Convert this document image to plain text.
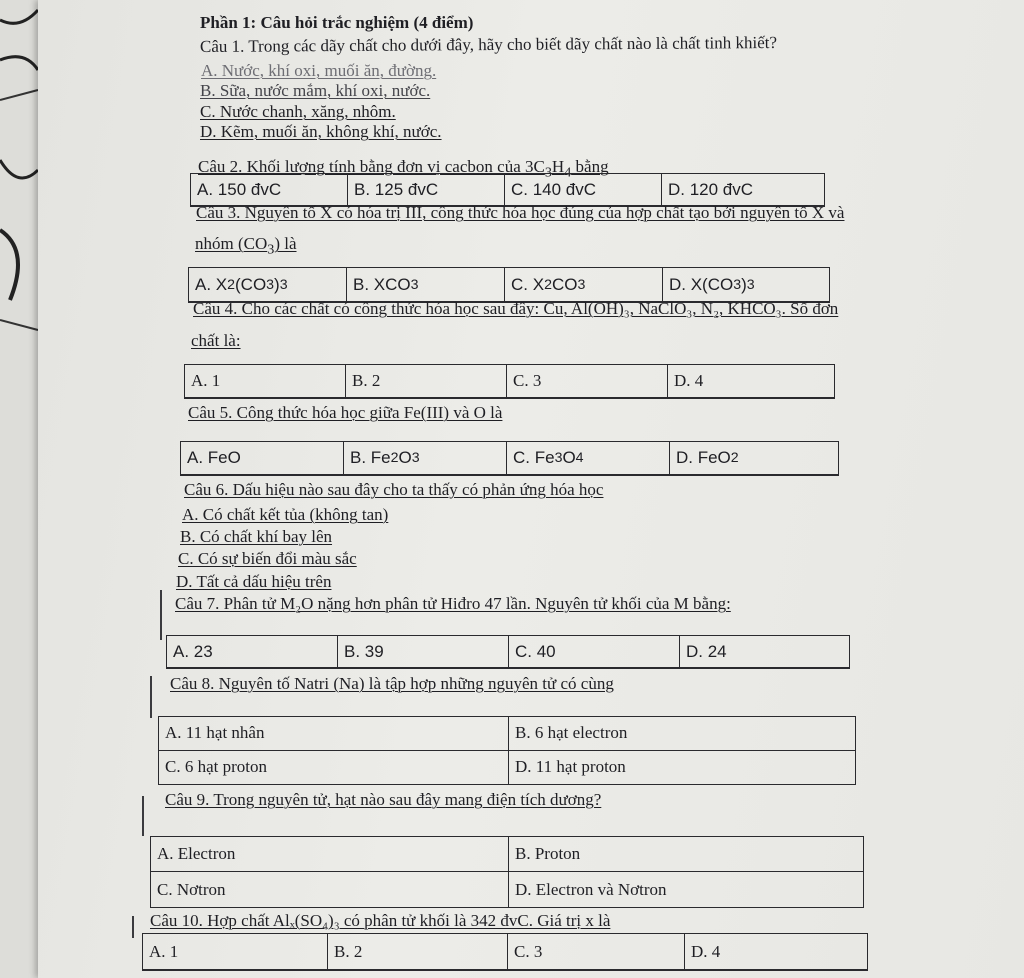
Phần 1: Câu hỏi trắc nghiệm (4 điểm)
Câu 1. Trong các dãy chất cho dưới đây, hãy cho biết dãy chất nào là chất tinh khiết?
A. Nước, khí oxi, muối ăn, đường.
B. Sữa, nước mắm, khí oxi, nước.
C. Nước chanh, xăng, nhôm.
D. Kẽm, muối ăn, không khí, nước.
Câu 2. Khối lượng tính bằng đơn vị cacbon của $3C_3H_4$ bằng
A. 150 đvC	B. 125 đvC	C. 140 đvC	D. 120 đvC
Câu 3. Nguyên tố X có hóa trị III, công thức hóa học đúng của hợp chất tạo bởi nguyên tố X và
nhóm $(CO_3)$ là
A. X 2 (CO 3 ) 3	B. XCO 3	C. X 2 CO 3	D. X(CO 3 ) 3
Câu 4. Cho các chất có công thức hóa học sau đây: Cu, Al(OH)₃, NaClO₃, N₂, KHCO₃. Số đơn
chất là:
A. 1	B. 2	C. 3	D. 4
Câu 5. Công thức hóa học giữa Fe(III) và O là
A. FeO	B. Fe 2 O 3	C. Fe 3 O 4	D. FeO 2
Câu 6. Dấu hiệu nào sau đây cho ta thấy có phản ứng hóa học
A. Có chất kết tủa (không tan)
B. Có chất khí bay lên
C. Có sự biến đổi màu sắc
D. Tất cả dấu hiệu trên
Câu 7. Phân tử M₂O nặng hơn phân tử Hiđro 47 lần. Nguyên tử khối của M bằng:
A. 23	B. 39	C. 40	D. 24
Câu 8. Nguyên tố Natri (Na) là tập hợp những nguyên tử có cùng
A. 11 hạt nhân	B. 6 hạt electron
C. 6 hạt proton	D. 11 hạt proton
Câu 9. Trong nguyên tử, hạt nào sau đây mang điện tích dương?
A. Electron	B. Proton
C. Nơtron	D. Electron và Nơtron
Câu 10. Hợp chất Alₓ(SO₄)₃ có phân tử khối là 342 đvC. Giá trị x là
A. 1	B. 2	C. 3	D. 4
